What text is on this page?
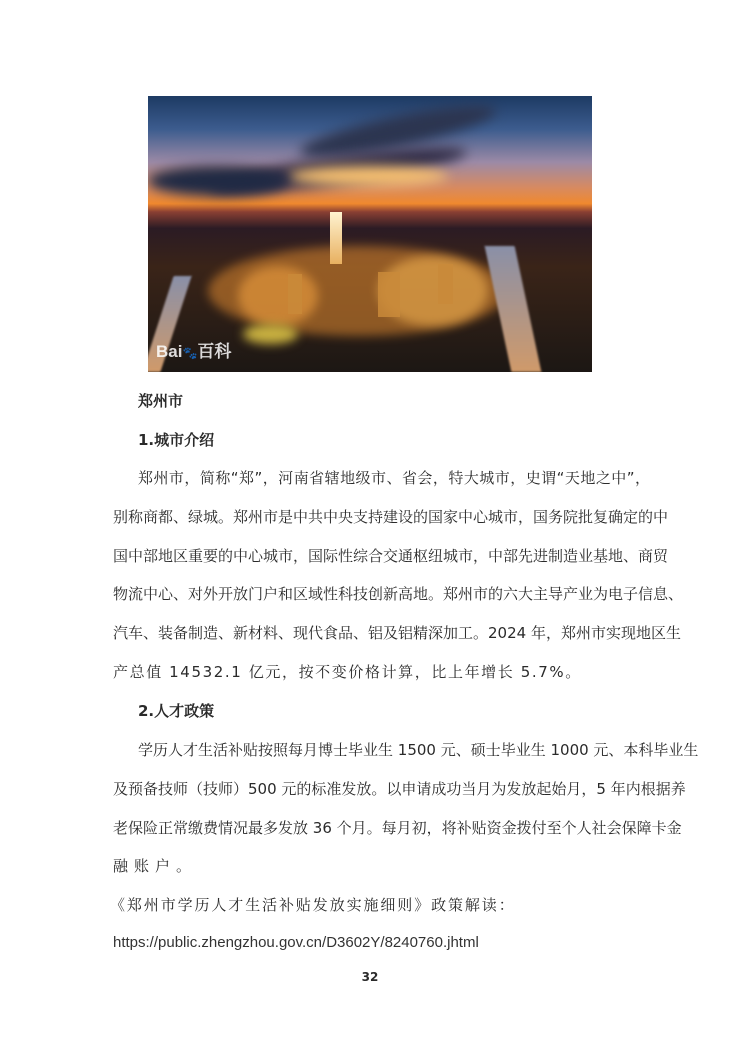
Bai🐾百科
郑州市
1.城市介绍
郑州市，简称“郑”，河南省辖地级市、省会，特大城市，史谓“天地之中”，
别称商都、绿城。郑州市是中共中央支持建设的国家中心城市，国务院批复确定的中
国中部地区重要的中心城市，国际性综合交通枢纽城市，中部先进制造业基地、商贸
物流中心、对外开放门户和区域性科技创新高地。郑州市的六大主导产业为电子信息、
汽车、装备制造、新材料、现代食品、铝及铝精深加工。2024 年，郑州市实现地区生
产总值 14532.1 亿元，按不变价格计算，比上年增长 5.7%。
2.人才政策
学历人才生活补贴按照每月博士毕业生 1500 元、硕士毕业生 1000 元、本科毕业生
及预备技师（技师）500 元的标准发放。以申请成功当月为发放起始月，5 年内根据养
老保险正常缴费情况最多发放 36 个月。每月初，将补贴资金拨付至个人社会保障卡金
融账户。
《郑州市学历人才生活补贴发放实施细则》政策解读：
https://public.zhengzhou.gov.cn/D3602Y/8240760.jhtml
32
